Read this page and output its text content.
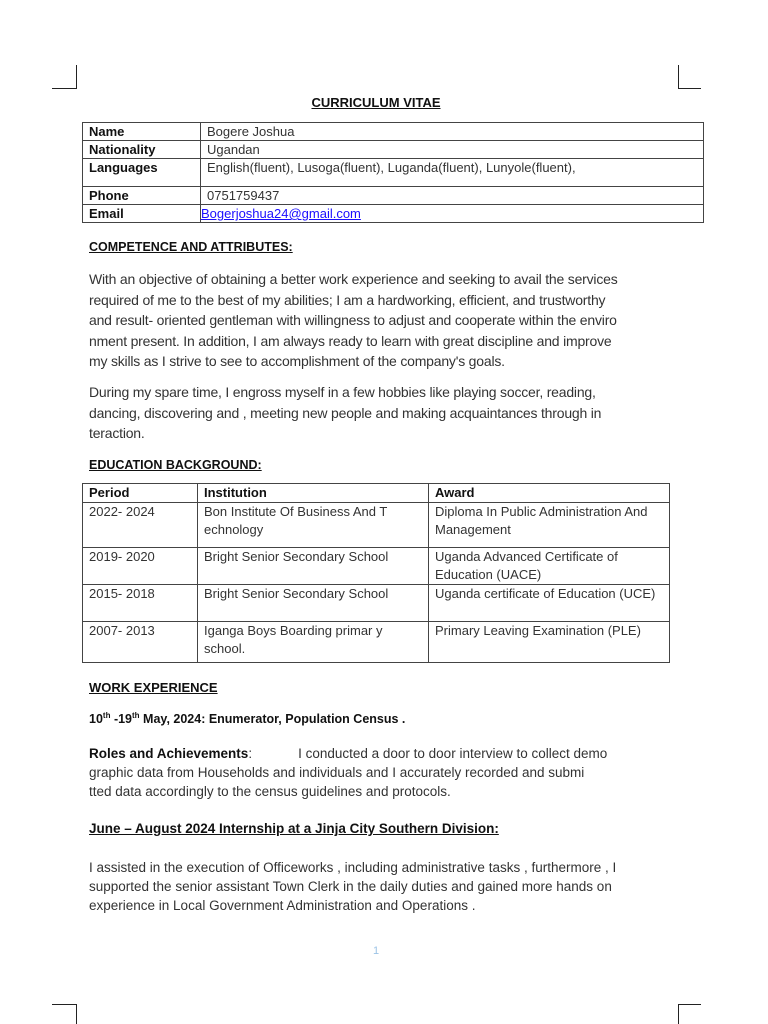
CURRICULUM VITAE
Name	Bogere Joshua
Nationality	Ugandan
Languages	English(fluent), Lusoga(fluent), Luganda(fluent), Lunyole(fluent),
Phone	0751759437
Email	Bogerjoshua24@gmail.com
COMPETENCE AND ATTRIBUTES:
With an objective of obtaining a better work experience and seeking to avail the services
required of me to the best of my abilities; I am a hardworking, efficient, and trustworthy
and result- oriented gentleman with willingness to adjust and cooperate within the enviro
nment present. In addition, I am always ready to learn with great discipline and improve
my skills as I strive to see to accomplishment of the company's goals.
During my spare time, I engross myself in a few hobbies like playing soccer, reading,
dancing, discovering and , meeting new people and making acquaintances through in
teraction.
EDUCATION BACKGROUND:
Period	Institution	Award
2022- 2024	Bon Institute Of Business And T echnology	Diploma In Public Administration And Management
2019- 2020	Bright Senior Secondary School	Uganda Advanced Certificate of Education (UACE)
2015- 2018	Bright Senior Secondary School	Uganda certificate of Education (UCE)
2007- 2013	Iganga Boys Boarding primar y school.	Primary Leaving Examination (PLE)
WORK EXPERIENCE
10th -19th May, 2024: Enumerator, Population Census .
Roles and Achievements:	I conducted a door to door interview to collect demo
graphic data from Households and individuals and I accurately recorded and submi
tted data accordingly to the census guidelines and protocols.
June – August 2024 Internship at a Jinja City Southern Division:
I assisted in the execution of Officeworks , including administrative tasks , furthermore , I
supported the senior assistant Town Clerk in the daily duties and gained more hands on
experience in Local Government Administration and Operations .
1
